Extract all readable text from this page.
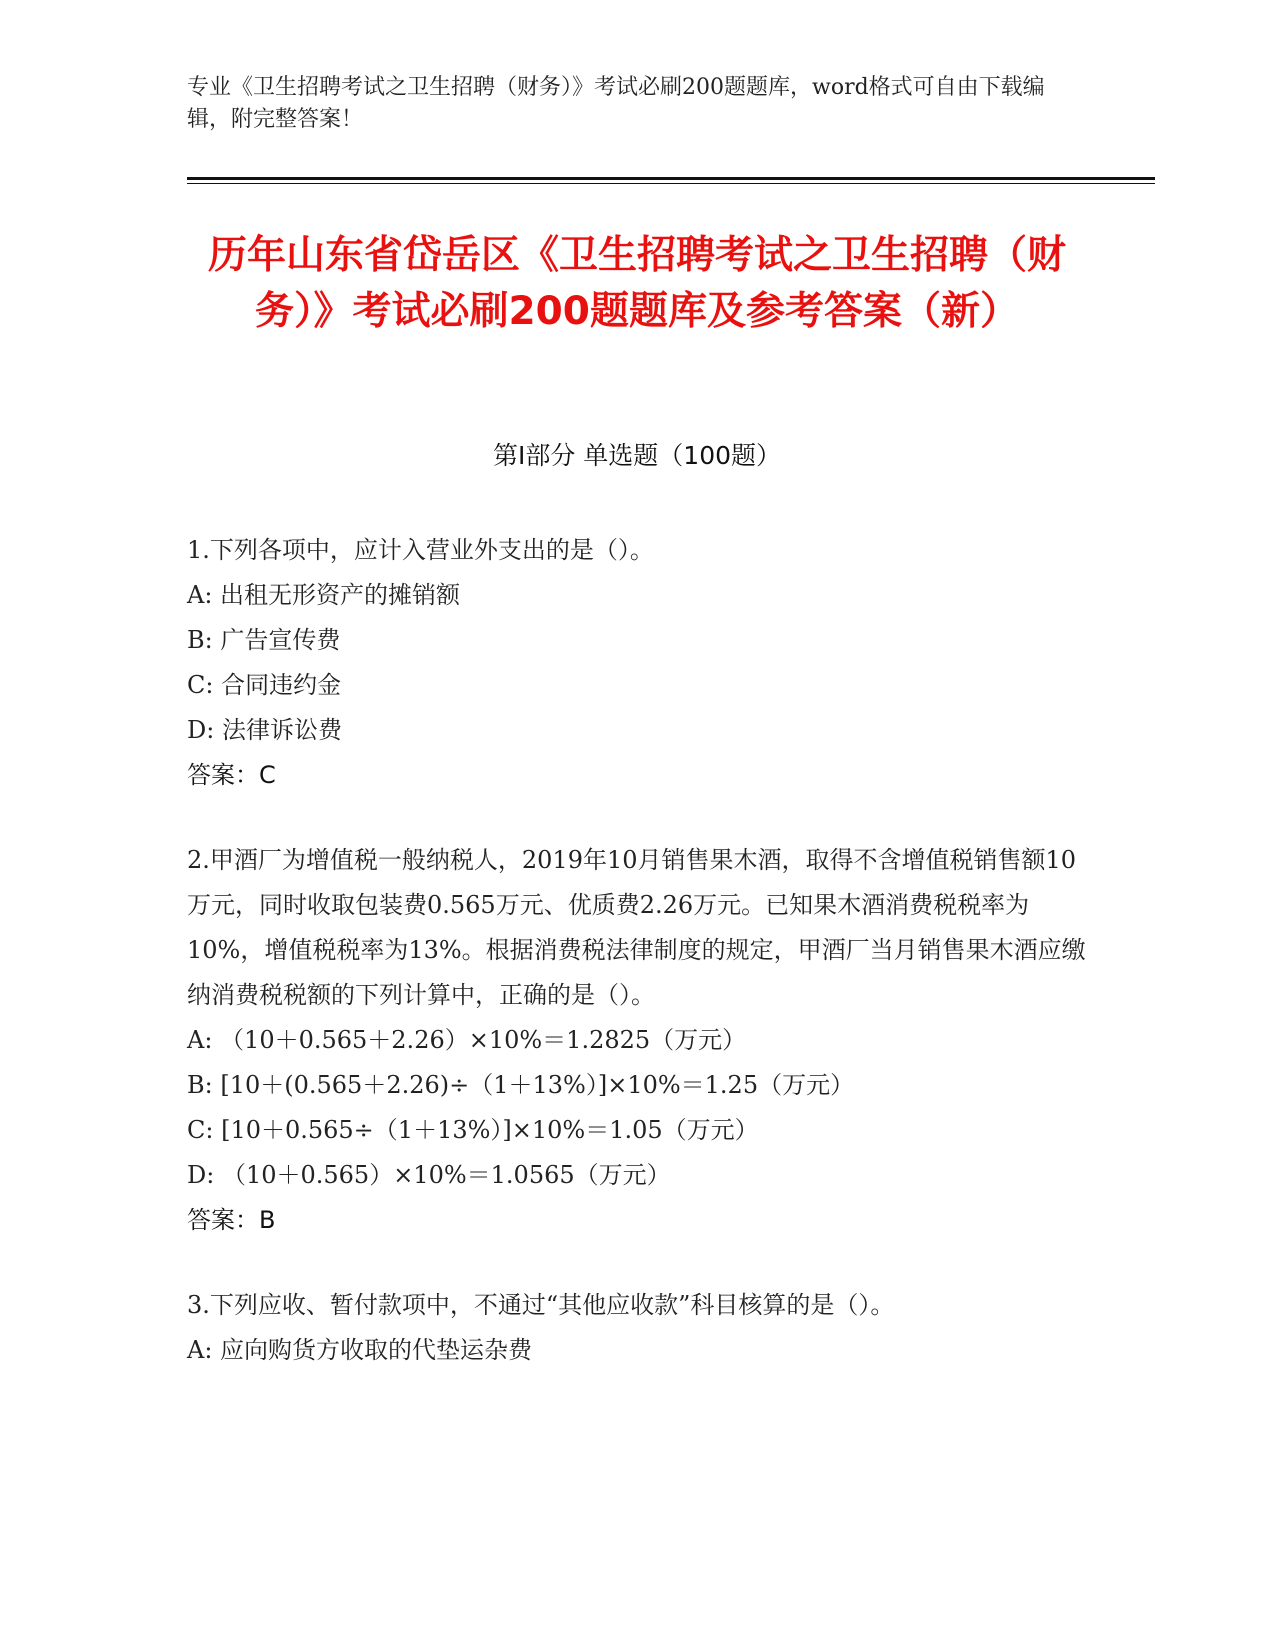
专业《卫生招聘考试之卫生招聘（财务）》考试必刷200题题库，word格式可自由下载编辑，附完整答案！
历年山东省岱岳区《卫生招聘考试之卫生招聘（财务）》考试必刷200题题库及参考答案（新）
第Ⅰ部分 单选题（100题）
1.下列各项中，应计入营业外支出的是（）。
A: 出租无形资产的摊销额
B: 广告宣传费
C: 合同违约金
D: 法律诉讼费
答案：C
2.甲酒厂为增值税一般纳税人，2019年10月销售果木酒，取得不含增值税销售额10万元，同时收取包装费0.565万元、优质费2.26万元。已知果木酒消费税税率为10%，增值税税率为13%。根据消费税法律制度的规定，甲酒厂当月销售果木酒应缴纳消费税税额的下列计算中，正确的是（）。
A: （10＋0.565＋2.26）×10%＝1.2825（万元）
B: [10＋(0.565＋2.26)÷（1＋13%）]×10%＝1.25（万元）
C: [10＋0.565÷（1＋13%）]×10%＝1.05（万元）
D: （10＋0.565）×10%＝1.0565（万元）
答案：B
3.下列应收、暂付款项中，不通过“其他应收款”科目核算的是（）。
A: 应向购货方收取的代垫运杂费
